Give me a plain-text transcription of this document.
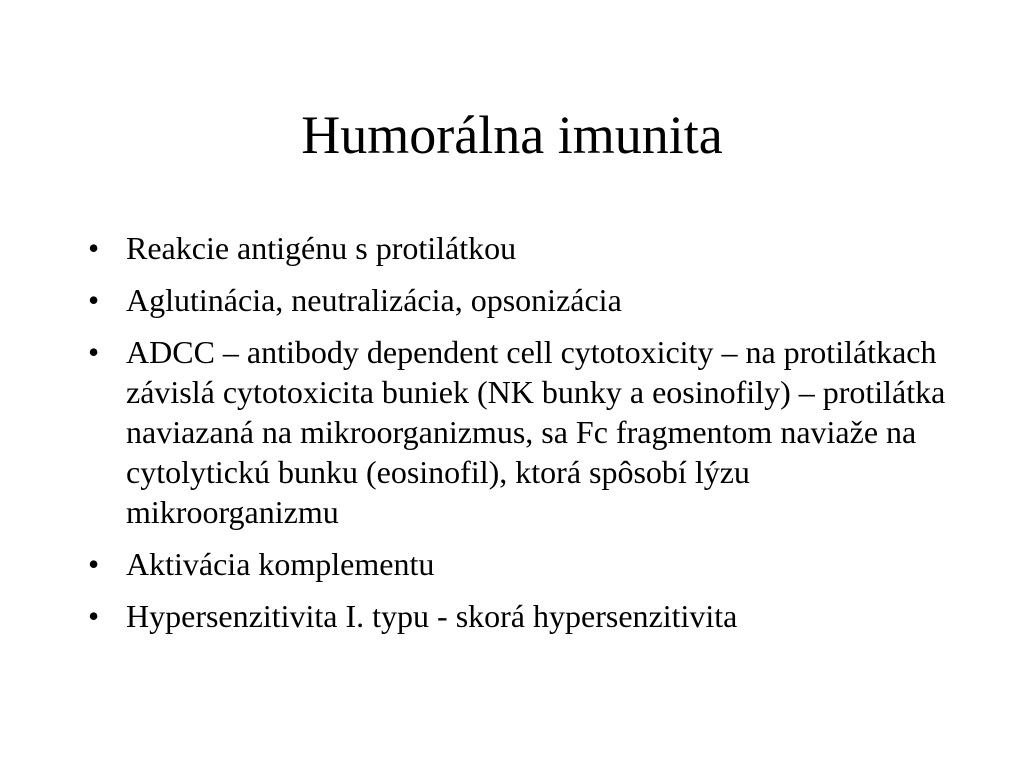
Humorálna imunita
• Reakcie antigénu s protilátkou
• Aglutinácia, neutralizácia, opsonizácia
• ADCC – antibody dependent cell cytotoxicity – na protilátkach závislá cytotoxicita buniek (NK bunky a eosinofily) – protilátka naviazaná na mikroorganizmus, sa Fc fragmentom naviaže na cytolytickú bunku (eosinofil), ktorá spôsobí lýzu mikroorganizmu
• Aktivácia komplementu
• Hypersenzitivita I. typu - skorá hypersenzitivita
